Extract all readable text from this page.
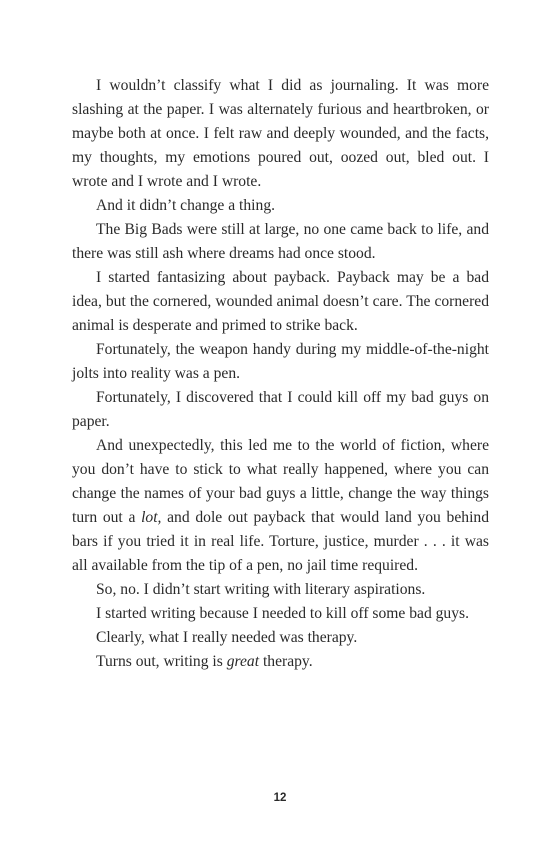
I wouldn’t classify what I did as journaling. It was more slashing at the paper. I was alternately furious and heartbroken, or maybe both at once. I felt raw and deeply wounded, and the facts, my thoughts, my emotions poured out, oozed out, bled out. I wrote and I wrote and I wrote.

And it didn’t change a thing.

The Big Bads were still at large, no one came back to life, and there was still ash where dreams had once stood.

I started fantasizing about payback. Payback may be a bad idea, but the cornered, wounded animal doesn’t care. The cornered animal is desperate and primed to strike back.

Fortunately, the weapon handy during my middle-of-the-night jolts into reality was a pen.

Fortunately, I discovered that I could kill off my bad guys on paper.

And unexpectedly, this led me to the world of fiction, where you don’t have to stick to what really happened, where you can change the names of your bad guys a little, change the way things turn out a lot, and dole out payback that would land you behind bars if you tried it in real life. Torture, justice, murder . . . it was all available from the tip of a pen, no jail time required.

So, no. I didn’t start writing with literary aspirations.

I started writing because I needed to kill off some bad guys.

Clearly, what I really needed was therapy.

Turns out, writing is great therapy.

12
